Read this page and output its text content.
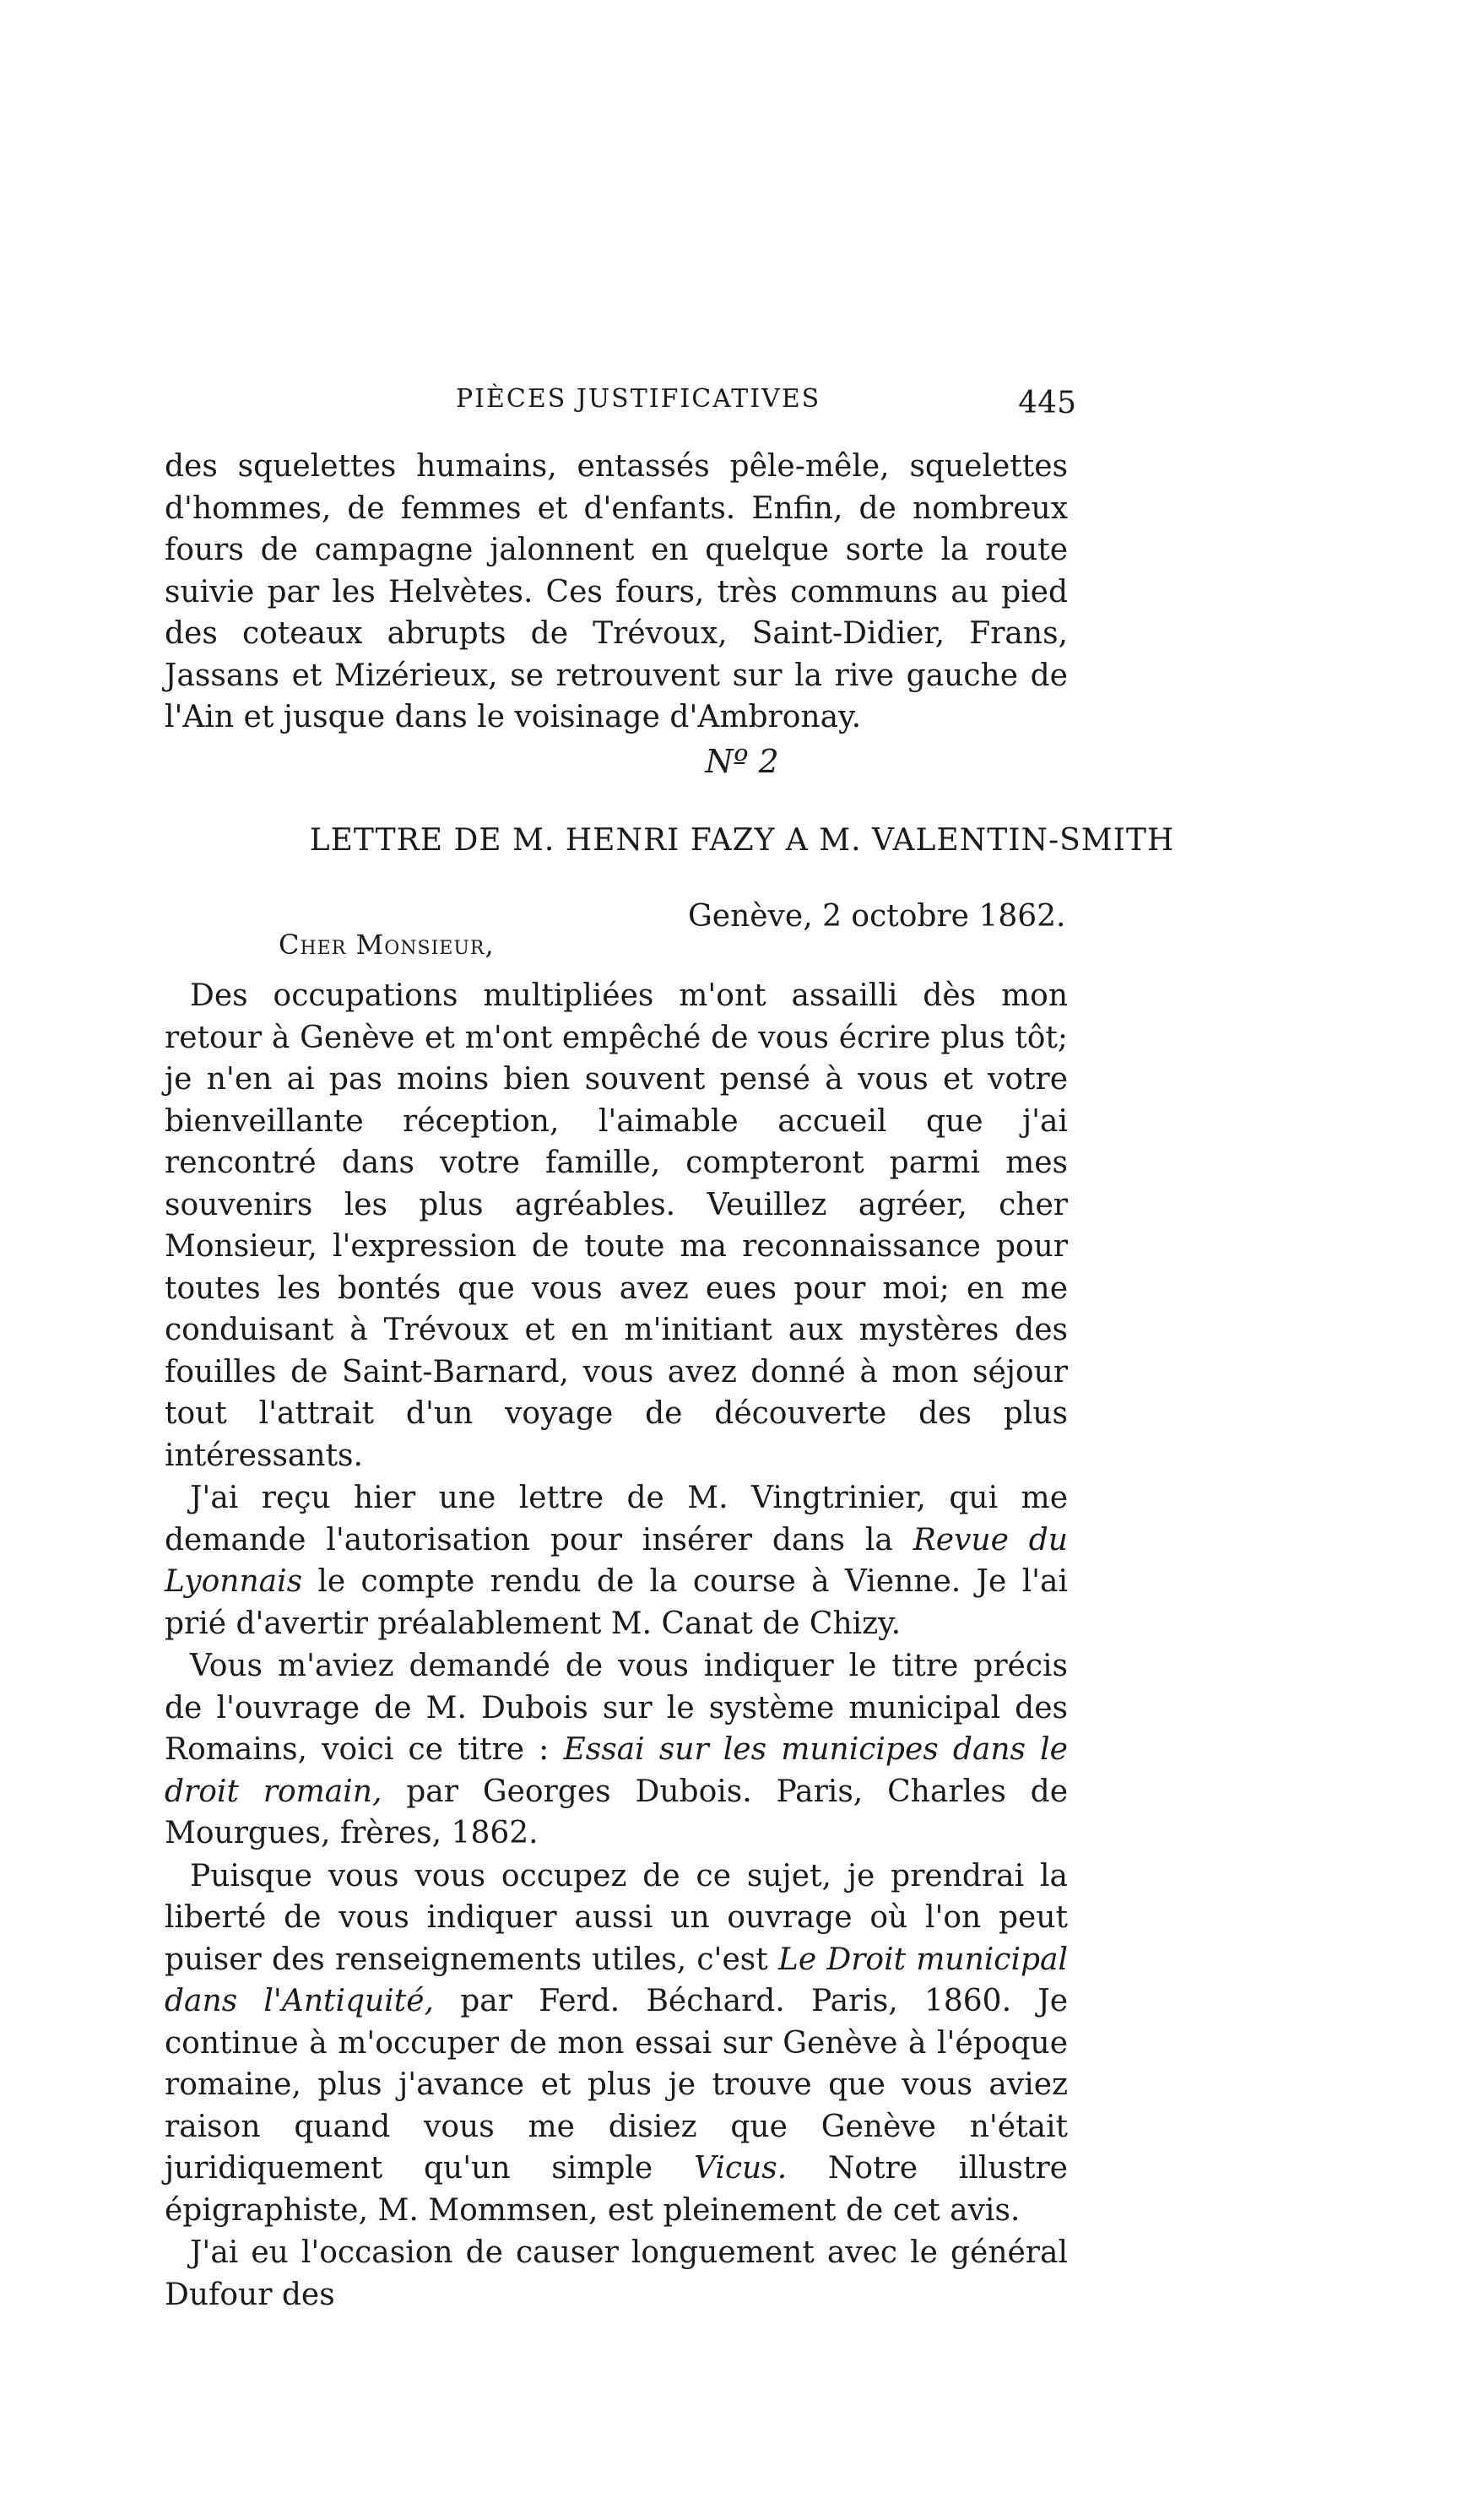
PIÈCES JUSTIFICATIVES	445

des squelettes humains, entassés pêle-mêle, squelettes d'hommes, de femmes et d'enfants. Enfin, de nombreux fours de campagne jalonnent en quelque sorte la route suivie par les Helvètes. Ces fours, très communs au pied des coteaux abrupts de Trévoux, Saint-Didier, Frans, Jassans et Mizérieux, se retrouvent sur la rive gauche de l'Ain et jusque dans le voisinage d'Ambronay.

Nº 2
LETTRE DE M. HENRI FAZY A M. VALENTIN-SMITH
Genève, 2 octobre 1862.
Cher Monsieur,

Des occupations multipliées m'ont assailli dès mon retour à Genève et m'ont empêché de vous écrire plus tôt; je n'en ai pas moins bien souvent pensé à vous et votre bienveillante réception, l'aimable accueil que j'ai rencontré dans votre famille, compteront parmi mes souvenirs les plus agréables. Veuillez agréer, cher Monsieur, l'expression de toute ma reconnaissance pour toutes les bontés que vous avez eues pour moi; en me conduisant à Trévoux et en m'initiant aux mystères des fouilles de Saint-Barnard, vous avez donné à mon séjour tout l'attrait d'un voyage de découverte des plus intéressants.

J'ai reçu hier une lettre de M. Vingtrinier, qui me demande l'autorisation pour insérer dans la Revue du Lyonnais le compte rendu de la course à Vienne. Je l'ai prié d'avertir préalablement M. Canat de Chizy.

Vous m'aviez demandé de vous indiquer le titre précis de l'ouvrage de M. Dubois sur le système municipal des Romains, voici ce titre : Essai sur les municipes dans le droit romain, par Georges Dubois. Paris, Charles de Mourgues, frères, 1862.

Puisque vous vous occupez de ce sujet, je prendrai la liberté de vous indiquer aussi un ouvrage où l'on peut puiser des renseignements utiles, c'est Le Droit municipal dans l'Antiquité, par Ferd. Béchard. Paris, 1860. Je continue à m'occuper de mon essai sur Genève à l'époque romaine, plus j'avance et plus je trouve que vous aviez raison quand vous me disiez que Genève n'était juridiquement qu'un simple Vicus. Notre illustre épigraphiste, M. Mommsen, est pleinement de cet avis.

J'ai eu l'occasion de causer longuement avec le général Dufour des
